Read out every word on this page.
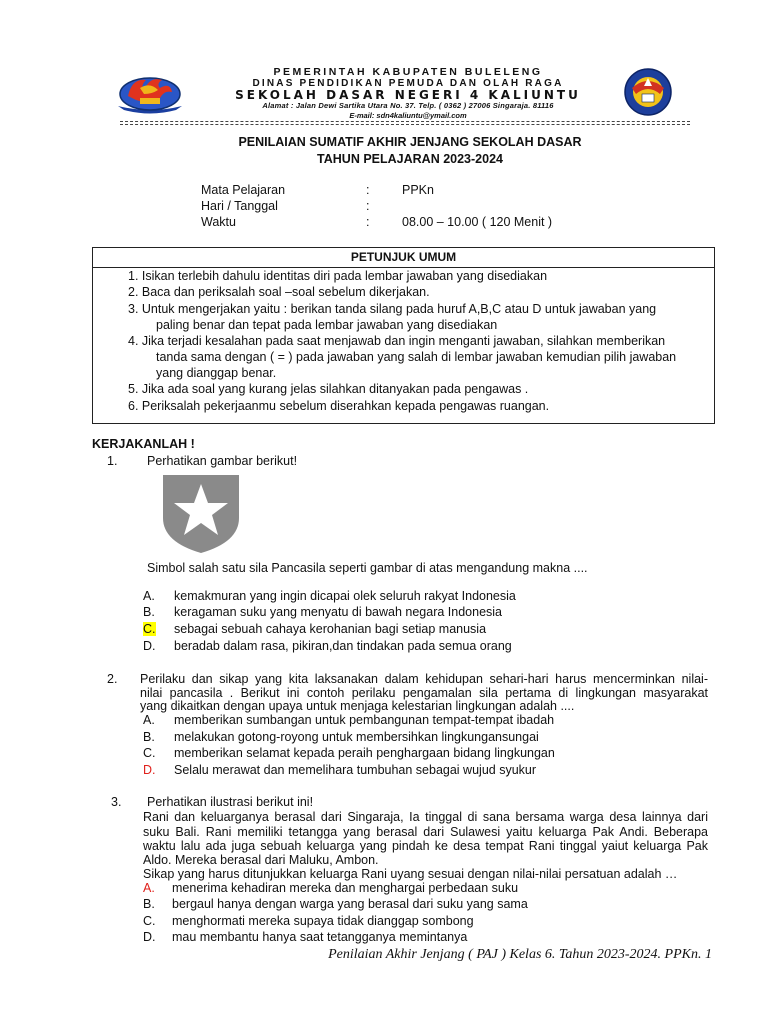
PEMERINTAH KABUPATEN BULELENG
DINAS PENDIDIKAN PEMUDA DAN OLAH RAGA
SEKOLAH DASAR NEGERI 4 KALIUNTU
Alamat : Jalan Dewi Sartika Utara No. 37. Telp. ( 0362 ) 27006 Singaraja. 81116
E-mail: sdn4kaliuntu@ymail.com
PENILAIAN SUMATIF AKHIR JENJANG SEKOLAH DASAR
TAHUN PELAJARAN 2023-2024
Mata Pelajaran	:	PPKn
Hari / Tanggal	:
Waktu	:	08.00 – 10.00 ( 120 Menit )
PETUNJUK UMUM
1. Isikan terlebih dahulu identitas diri pada lembar jawaban yang disediakan
2. Baca dan periksalah soal –soal sebelum dikerjakan.
3. Untuk mengerjakan yaitu : berikan tanda silang pada huruf A,B,C atau D untuk jawaban yang
paling benar dan tepat pada lembar jawaban yang disediakan
4. Jika terjadi kesalahan pada saat menjawab dan ingin menganti jawaban, silahkan memberikan
tanda sama dengan ( = ) pada jawaban yang salah di lembar jawaban kemudian pilih jawaban
yang dianggap benar.
5. Jika ada soal yang kurang jelas silahkan ditanyakan pada pengawas .
6. Periksalah pekerjaanmu sebelum diserahkan kepada pengawas ruangan.
KERJAKANLAH !
1. Perhatikan gambar berikut!
Simbol salah satu sila Pancasila seperti gambar di atas mengandung makna ....
A. kemakmuran yang ingin dicapai olek seluruh rakyat Indonesia
B. keragaman suku yang menyatu di bawah negara Indonesia
C. sebagai sebuah cahaya kerohanian bagi setiap manusia
D. beradab dalam rasa, pikiran,dan tindakan pada semua orang
2. Perilaku dan sikap yang kita laksanakan dalam kehidupan sehari-hari harus mencerminkan nilai-
nilai pancasila . Berikut ini contoh perilaku pengamalan sila pertama di lingkungan masyarakat
yang dikaitkan dengan upaya untuk menjaga kelestarian lingkungan adalah ....
A. memberikan sumbangan untuk pembangunan tempat-tempat ibadah
B. melakukan gotong-royong untuk membersihkan lingkungansungai
C. memberikan selamat kepada peraih penghargaan bidang lingkungan
D. Selalu merawat dan memelihara tumbuhan sebagai wujud syukur
3. Perhatikan ilustrasi berikut ini!
Rani dan keluarganya berasal dari Singaraja, Ia tinggal di sana bersama warga desa lainnya dari
suku Bali. Rani memiliki tetangga yang berasal dari Sulawesi yaitu keluarga Pak Andi. Beberapa
waktu lalu ada juga sebuah keluarga yang pindah ke desa tempat Rani tinggal yaiut keluarga Pak
Aldo. Mereka berasal dari Maluku, Ambon.
Sikap yang harus ditunjukkan keluarga Rani uyang sesuai dengan nilai-nilai persatuan adalah …
A. menerima kehadiran mereka dan menghargai perbedaan suku
B. bergaul hanya dengan warga yang berasal dari suku yang sama
C. menghormati mereka supaya tidak dianggap sombong
D. mau membantu hanya saat tetangganya memintanya
Penilaian Akhir Jenjang ( PAJ ) Kelas 6. Tahun 2023-2024. PPKn. 1
